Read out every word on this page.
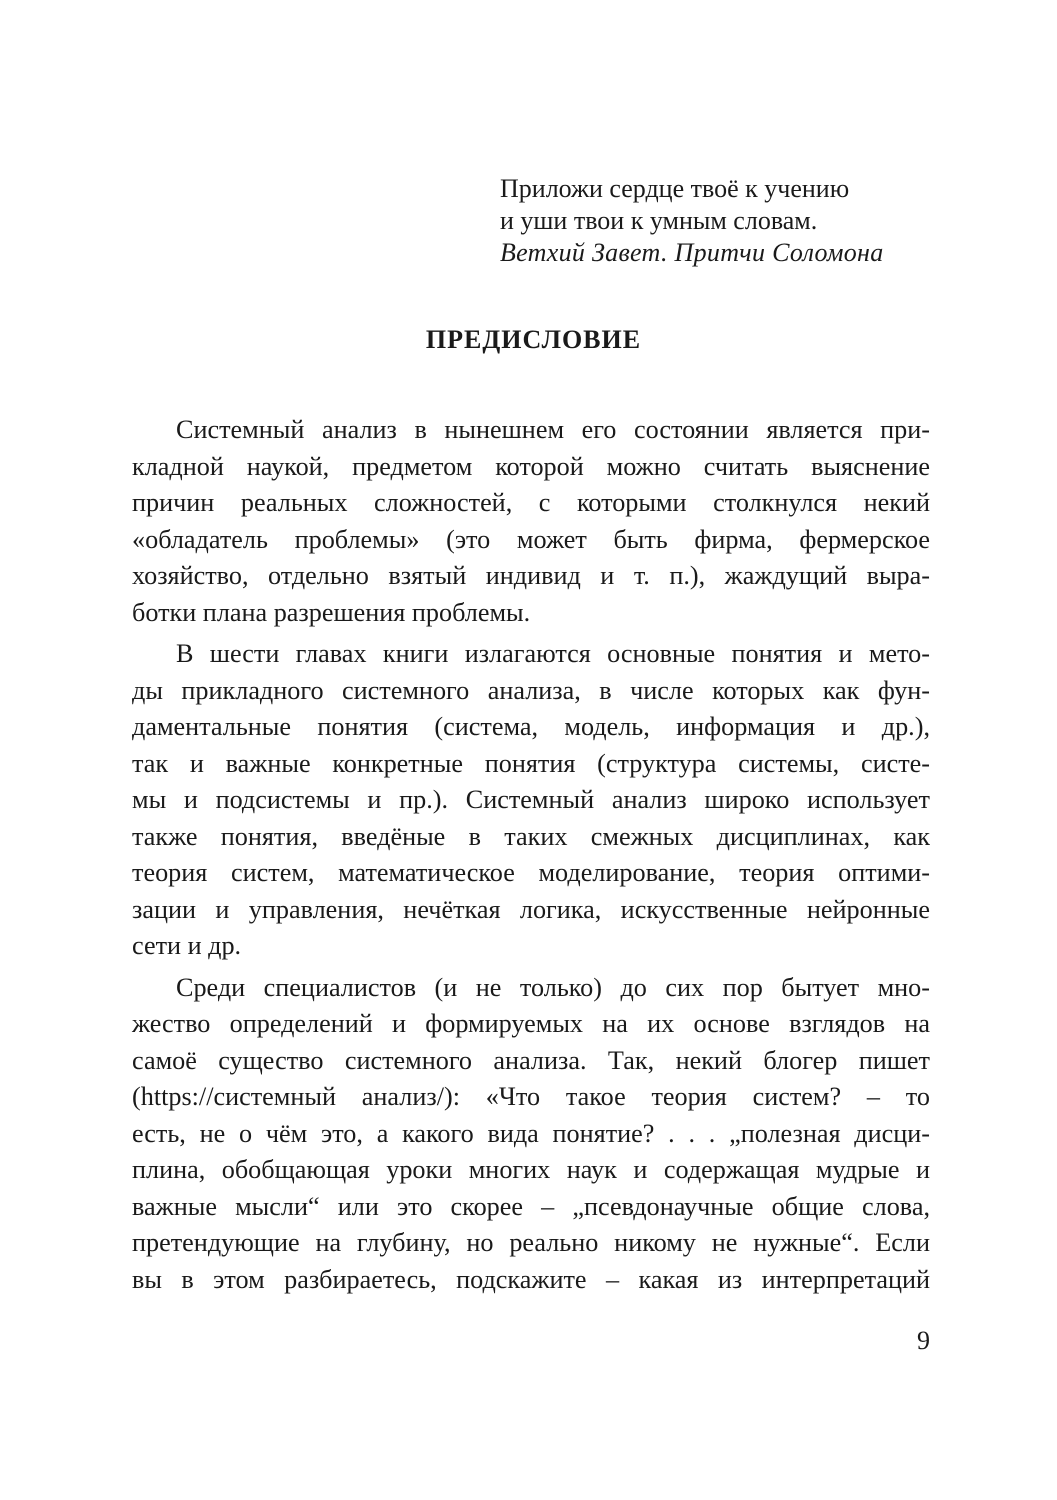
Приложи сердце твоё к учению
и уши твои к умным словам.
Ветхий Завет. Притчи Соломона
ПРЕДИСЛОВИЕ
Системный анализ в нынешнем его состоянии является при-
кладной наукой, предметом которой можно считать выяснение
причин реальных сложностей, с которыми столкнулся некий
«обладатель проблемы» (это может быть фирма, фермерское
хозяйство, отдельно взятый индивид и т. п.), жаждущий выра-
ботки плана разрешения проблемы.
В шести главах книги излагаются основные понятия и мето-
ды прикладного системного анализа, в числе которых как фун-
даментальные понятия (система, модель, информация и др.),
так и важные конкретные понятия (структура системы, систе-
мы и подсистемы и пр.). Системный анализ широко использует
также понятия, введёные в таких смежных дисциплинах, как
теория систем, математическое моделирование, теория оптими-
зации и управления, нечёткая логика, искусственные нейронные
сети и др.
Среди специалистов (и не только) до сих пор бытует мно-
жество определений и формируемых на их основе взглядов на
самоё существо системного анализа. Так, некий блогер пишет
(https://системный анализ/): «Что такое теория систем? – то
есть, не о чём это, а какого вида понятие? . . . „полезная дисци-
плина, обобщающая уроки многих наук и содержащая мудрые и
важные мысли“ или это скорее – „псевдонаучные общие слова,
претендующие на глубину, но реально никому не нужные“. Если
вы в этом разбираетесь, подскажите – какая из интерпретаций
9
